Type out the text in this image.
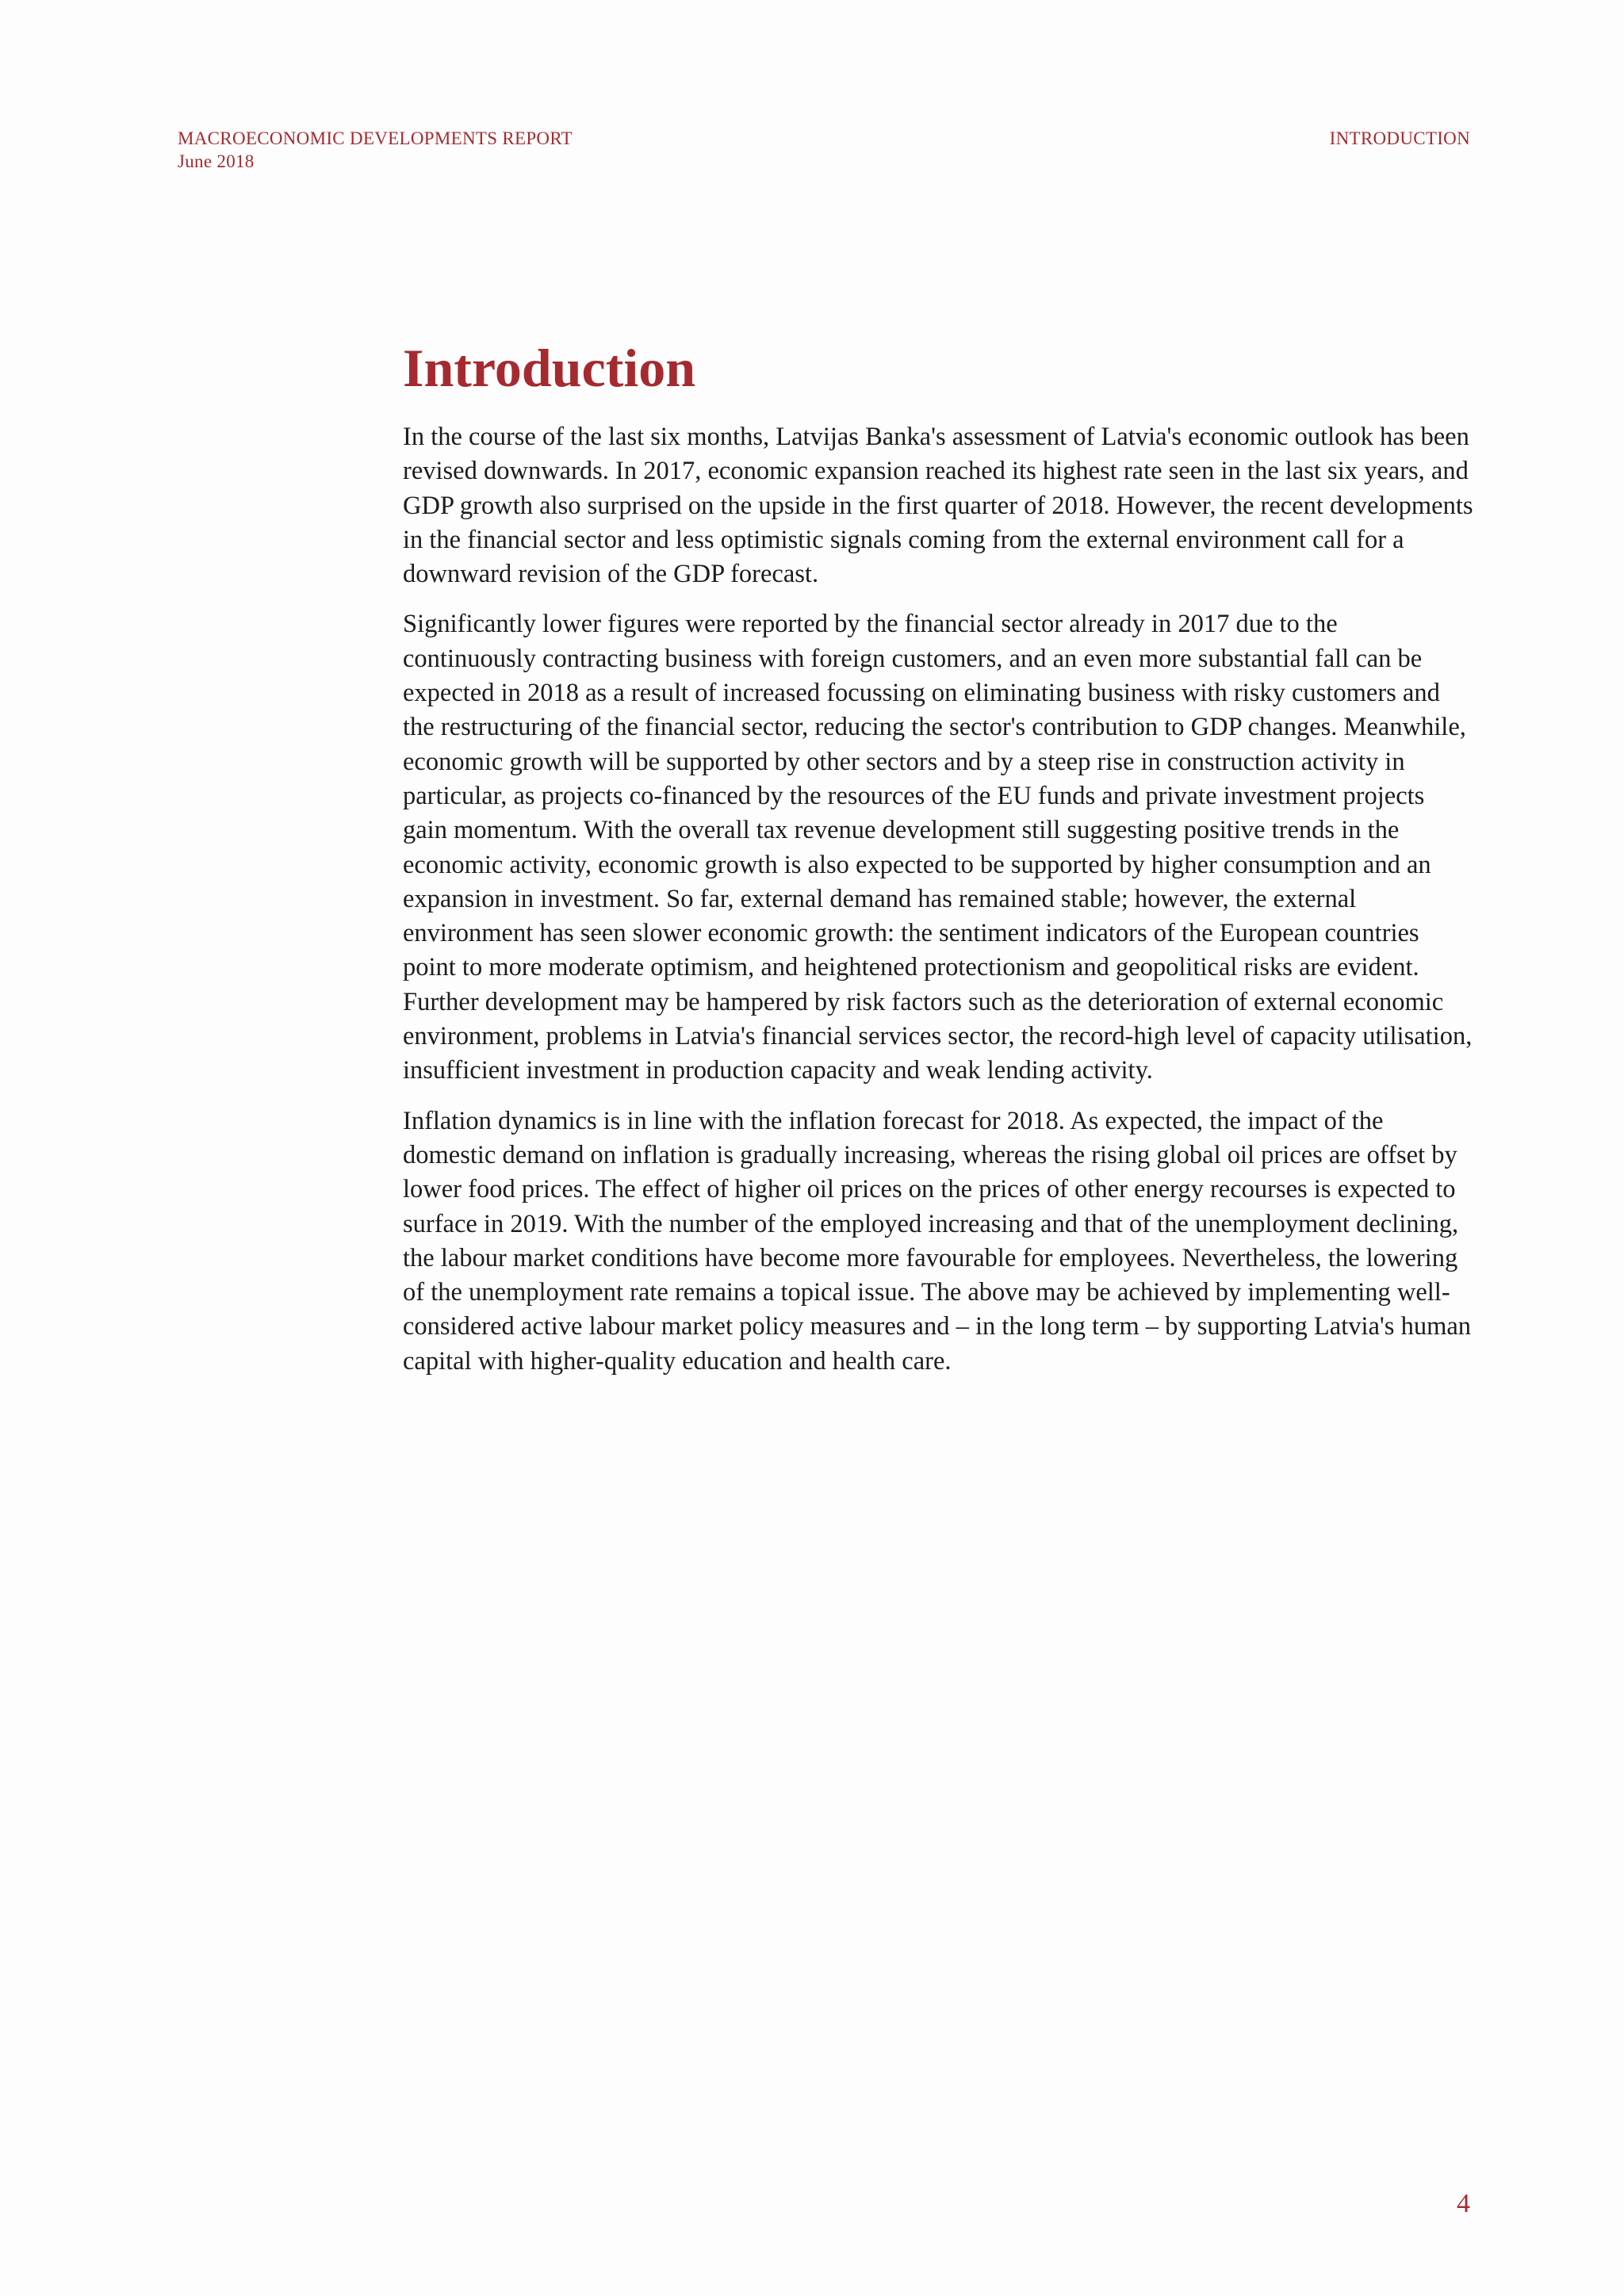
MACROECONOMIC DEVELOPMENTS REPORT
June 2018
INTRODUCTION
Introduction

In the course of the last six months, Latvijas Banka's assessment of Latvia's economic outlook has been revised downwards. In 2017, economic expansion reached its highest rate seen in the last six years, and GDP growth also surprised on the upside in the first quarter of 2018. However, the recent developments in the financial sector and less optimistic signals coming from the external environment call for a downward revision of the GDP forecast.

Significantly lower figures were reported by the financial sector already in 2017 due to the continuously contracting business with foreign customers, and an even more substantial fall can be expected in 2018 as a result of increased focussing on eliminating business with risky customers and the restructuring of the financial sector, reducing the sector's contribution to GDP changes. Meanwhile, economic growth will be supported by other sectors and by a steep rise in construction activity in particular, as projects co-financed by the resources of the EU funds and private investment projects gain momentum. With the overall tax revenue development still suggesting positive trends in the economic activity, economic growth is also expected to be supported by higher consumption and an expansion in investment. So far, external demand has remained stable; however, the external environment has seen slower economic growth: the sentiment indicators of the European countries point to more moderate optimism, and heightened protectionism and geopolitical risks are evident. Further development may be hampered by risk factors such as the deterioration of external economic environment, problems in Latvia's financial services sector, the record-high level of capacity utilisation, insufficient investment in production capacity and weak lending activity.

Inflation dynamics is in line with the inflation forecast for 2018. As expected, the impact of the domestic demand on inflation is gradually increasing, whereas the rising global oil prices are offset by lower food prices. The effect of higher oil prices on the prices of other energy recourses is expected to surface in 2019. With the number of the employed increasing and that of the unemployment declining, the labour market conditions have become more favourable for employees. Nevertheless, the lowering of the unemployment rate remains a topical issue. The above may be achieved by implementing well-considered active labour market policy measures and – in the long term – by supporting Latvia's human capital with higher-quality education and health care.

4
